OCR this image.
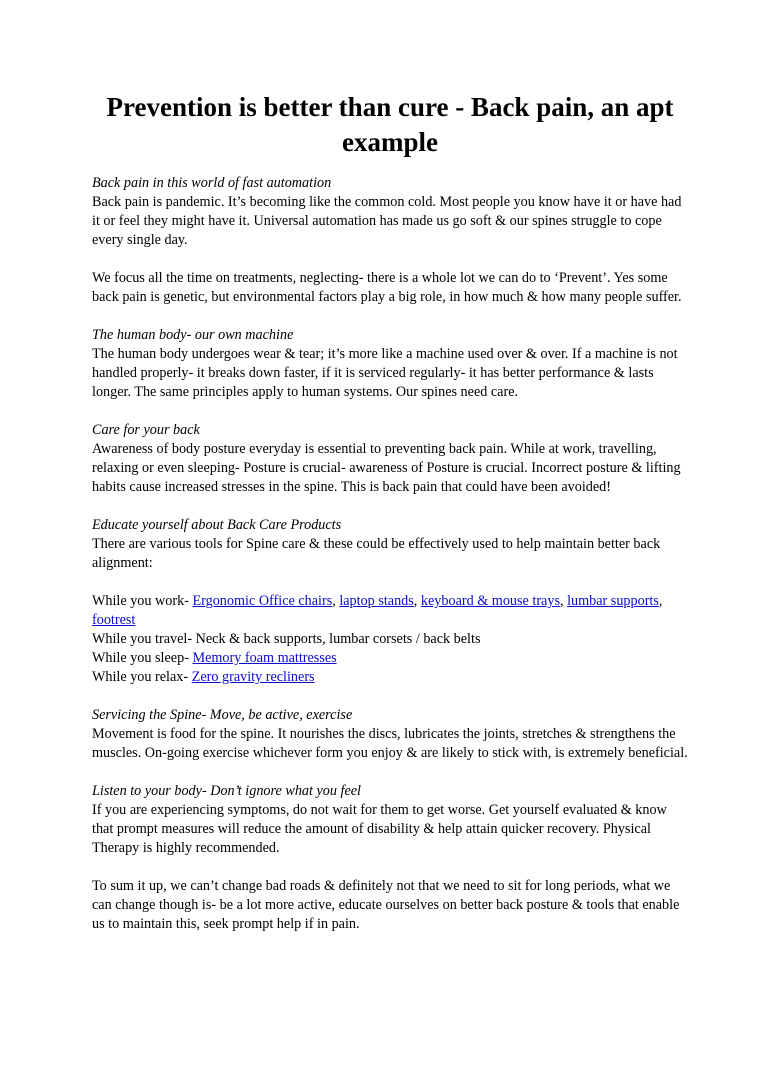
Prevention is better than cure - Back pain, an apt example

Back pain in this world of fast automation

Back pain is pandemic. It’s becoming like the common cold. Most people you know have it or have had it or feel they might have it. Universal automation has made us go soft & our spines struggle to cope every single day.

We focus all the time on treatments, neglecting- there is a whole lot we can do to ‘Prevent’. Yes some back pain is genetic, but environmental factors play a big role, in how much & how many people suffer.

The human body- our own machine

The human body undergoes wear & tear; it’s more like a machine used over & over. If a machine is not handled properly- it breaks down faster, if it is serviced regularly- it has better performance & lasts longer. The same principles apply to human systems. Our spines need care.

Care for your back

Awareness of body posture everyday is essential to preventing back pain. While at work, travelling, relaxing or even sleeping- Posture is crucial- awareness of Posture is crucial. Incorrect posture & lifting habits cause increased stresses in the spine. This is back pain that could have been avoided!

Educate yourself about Back Care Products

There are various tools for Spine care & these could be effectively used to help maintain better back alignment:

While you work- Ergonomic Office chairs, laptop stands, keyboard & mouse trays, lumbar supports,
footrest

While you travel- Neck & back supports, lumbar corsets / back belts

While you sleep- Memory foam mattresses

While you relax- Zero gravity recliners

Servicing the Spine- Move, be active, exercise

Movement is food for the spine. It nourishes the discs, lubricates the joints, stretches & strengthens the muscles. On-going exercise whichever form you enjoy & are likely to stick with, is extremely beneficial.

Listen to your body- Don’t ignore what you feel

If you are experiencing symptoms, do not wait for them to get worse. Get yourself evaluated & know that prompt measures will reduce the amount of disability & help attain quicker recovery. Physical Therapy is highly recommended.

To sum it up, we can’t change bad roads & definitely not that we need to sit for long periods, what we can change though is- be a lot more active, educate ourselves on better back posture & tools that enable us to maintain this, seek prompt help if in pain.
